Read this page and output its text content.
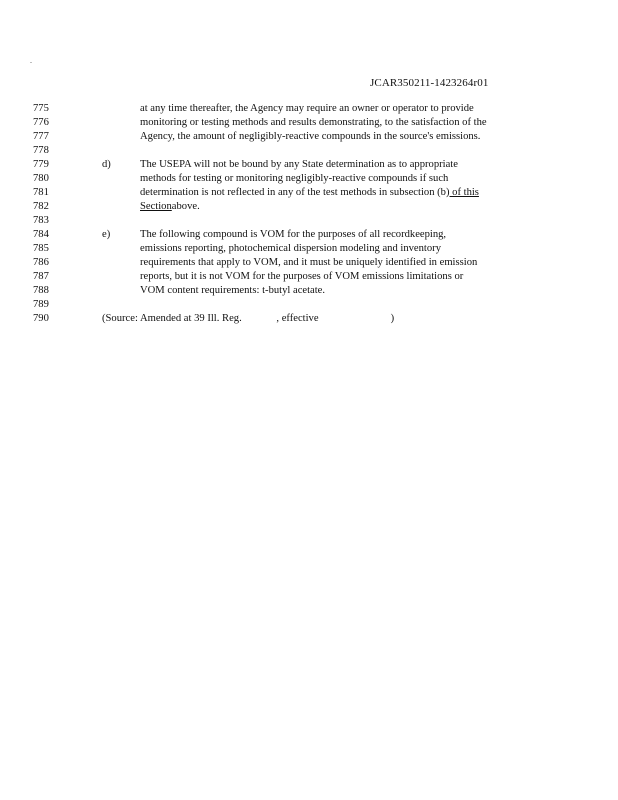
.
JCAR350211-1423264r01
775
776
777
778
779
780
781
782
783
784
785
786
787
788
789
790
at any time thereafter, the Agency may require an owner or operator to provide
monitoring or testing methods and results demonstrating, to the satisfaction of the
Agency, the amount of negligibly-reactive compounds in the source's emissions.
d)	The USEPA will not be bound by any State determination as to appropriate
methods for testing or monitoring negligibly-reactive compounds if such
determination is not reflected in any of the test methods in subsection (b) of this
Sectionabove.
e)	The following compound is VOM for the purposes of all recordkeeping,
emissions reporting, photochemical dispersion modeling and inventory
requirements that apply to VOM, and it must be uniquely identified in emission
reports, but it is not VOM for the purposes of VOM emissions limitations or
VOM content requirements: t-butyl acetate.
(Source: Amended at 39 Ill. Reg.	, effective	)
